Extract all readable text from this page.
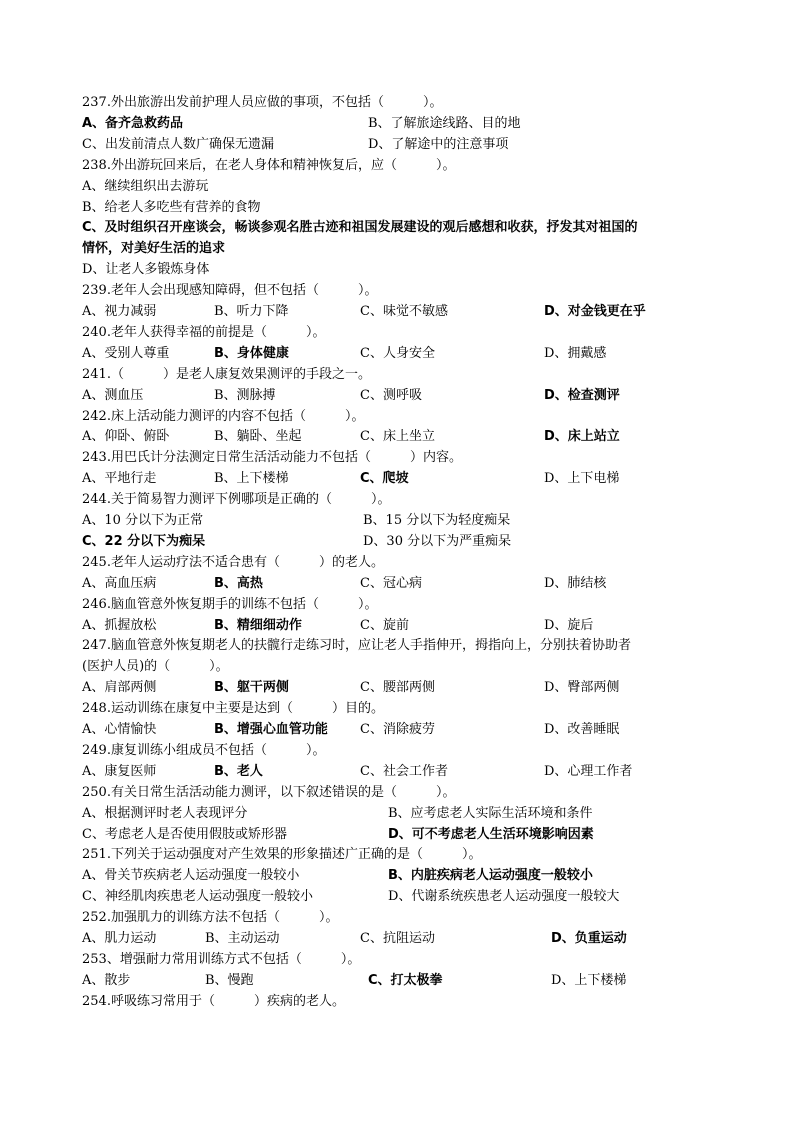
237.外出旅游出发前护理人员应做的事项，不包括（　　　）。
A、备齐急救药品	B、了解旅途线路、目的地
C、出发前清点人数广确保无遗漏	D、了解途中的注意事项
238.外出游玩回来后，在老人身体和精神恢复后，应（　　　）。
A、继续组织出去游玩
B、给老人多吃些有营养的食物
C、及时组织召开座谈会，畅谈参观名胜古迹和祖国发展建设的观后感想和收获，抒发其对祖国的
情怀，对美好生活的追求
D、让老人多锻炼身体
239.老年人会出现感知障碍，但不包括（　　　）。
A、视力减弱	B、听力下降	C、味觉不敏感	D、对金钱更在乎
240.老年人获得幸福的前提是（　　　）。
A、受别人尊重	B、身体健康	C、人身安全	D、拥戴感
241.（　　　）是老人康复效果测评的手段之一。
A、测血压	B、测脉搏	C、测呼吸	D、检查测评
242.床上活动能力测评的内容不包括（　　　）。
A、仰卧、俯卧	B、躺卧、坐起	C、床上坐立	D、床上站立
243.用巴氏计分法测定日常生活活动能力不包括（　　　）内容。
A、平地行走	B、上下楼梯	C、爬坡	D、上下电梯
244.关于简易智力测评下例哪项是正确的（　　　）。
A、10 分以下为正常	B、15 分以下为轻度痴呆
C、22 分以下为痴呆	D、30 分以下为严重痴呆
245.老年人运动疗法不适合患有（　　　）的老人。
A、高血压病	B、高热	C、冠心病	D、肺结核
246.脑血管意外恢复期手的训练不包括（　　　）。
A、抓握放松	B、精细细动作	C、旋前	D、旋后
247.脑血管意外恢复期老人的扶髋行走练习时，应让老人手指伸开，拇指向上，分别扶着协助者
(医护人员)的（　　　）。
A、肩部两侧	B、躯干两侧	C、腰部两侧	D、臀部两侧
248.运动训练在康复中主要是达到（　　　）目的。
A、心情愉快	B、增强心血管功能 C、消除疲劳	D、改善睡眠
249.康复训练小组成员不包括（　　　）。
A、康复医师	B、老人	C、社会工作者	D、心理工作者
250.有关日常生活活动能力测评，以下叙述错误的是（　　　）。
A、根据测评时老人表现评分	B、应考虑老人实际生活环境和条件
C、考虑老人是否使用假肢或矫形器	D、可不考虑老人生活环境影响因素
251.下列关于运动强度对产生效果的形象描述广正确的是（　　　）。
A、骨关节疾病老人运动强度一般较小	B、内脏疾病老人运动强度一般较小
C、神经肌肉疾患老人运动强度一般较小	D、代谢系统疾患老人运动强度一般较大
252.加强肌力的训练方法不包括（　　　）。
A、肌力运动	B、主动运动	C、抗阻运动	D、负重运动
253、增强耐力常用训练方式不包括（　　　）。
A、散步	B、慢跑	C、打太极拳	D、上下楼梯
254.呼吸练习常用于（　　　）疾病的老人。
